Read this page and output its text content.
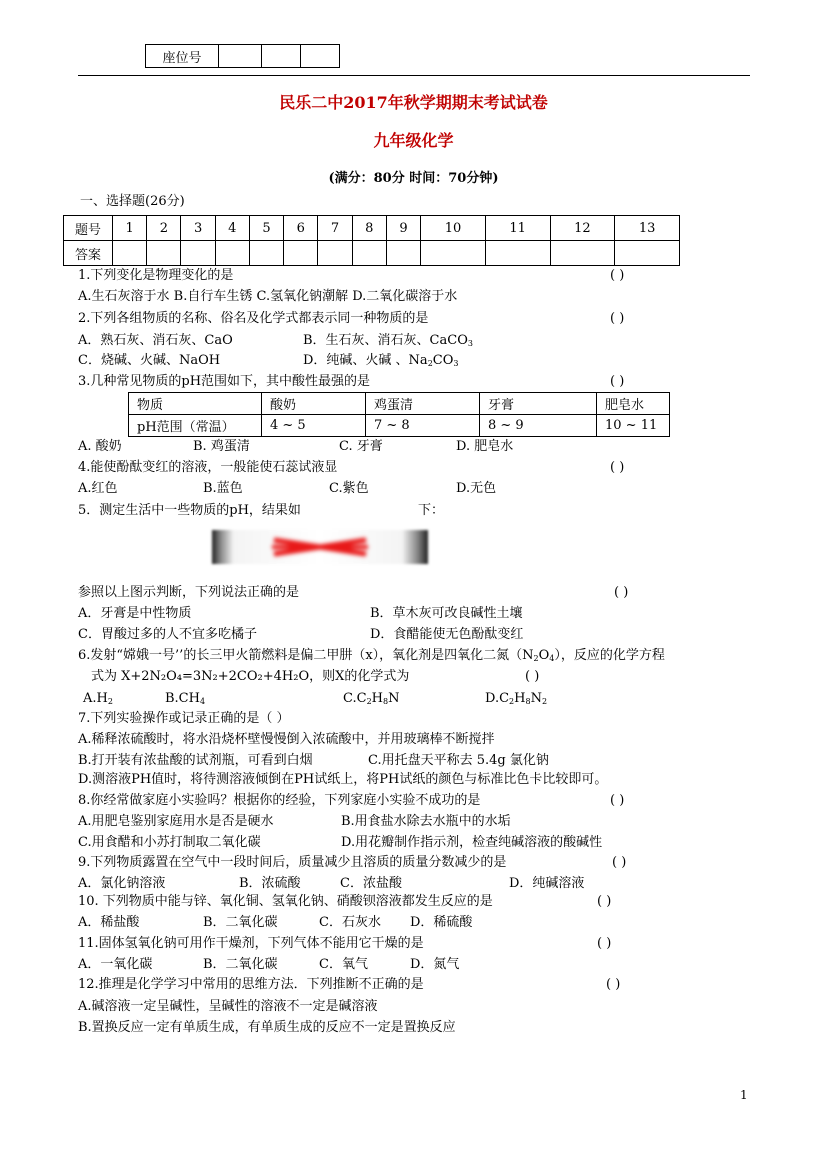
座位号			
民乐二中2017年秋学期期末考试试卷
九年级化学
(满分：80分 时间：70分钟)
一、选择题(26分)
题号	1	2	3	4	5	6	7	8	9	10	11	12	13
答案													
1.下列变化是物理变化的是	( )
A.生石灰溶于水 B.自行车生锈 C.氢氧化钠潮解 D.二氧化碳溶于水
2.下列各组物质的名称、俗名及化学式都表示同一种物质的是	( )
A．熟石灰、消石灰、CaO	B．生石灰、消石灰、CaCO$_3$
C．烧碱、火碱、NaOH	D．纯碱、火碱 、$Na_2CO_3$
3.几种常见物质的pH范围如下，其中酸性最强的是	( )
物质	酸奶	鸡蛋清	牙膏	肥皂水
pH范围（常温）	4 ~ 5	7 ~ 8	8 ~ 9	10 ~ 11
A. 酸奶	B. 鸡蛋清	C. 牙膏	D. 肥皂水
4.能使酚酞变红的溶液，一般能使石蕊试液显	( )
A.红色	B.蓝色	C.紫色	D.无色
5．测定生活中一些物质的pH，结果如	下：
参照以上图示判断，下列说法正确的是	( )
A．牙膏是中性物质	B．草木灰可改良碱性土壤
C．胃酸过多的人不宜多吃橘子	D．食醋能使无色酚酞变红
6.发射“嫦娥一号’’的长三甲火箭燃料是偏二甲肼（x），氧化剂是四氧化二氮$(N_2O_4)$，反应的化学方程
式为 X+2N₂O₄=3N₂+2CO₂+4H₂O，则X的化学式为	( )
$A.H_2$	$B.CH_4$	$C.C_2H_8N$	$D.C_2H_8N_2$
7.下列实验操作或记录正确的是（ ）
A.稀释浓硫酸时，将水沿烧杯壁慢慢倒入浓硫酸中，并用玻璃棒不断搅拌
B.打开装有浓盐酸的试剂瓶，可看到白烟	C.用托盘天平称去 5.4g 氯化钠
D.测溶液PH值时，将待测溶液倾倒在PH试纸上，将PH试纸的颜色与标准比色卡比较即可。
8.你经常做家庭小实验吗？根据你的经验，下列家庭小实验不成功的是	( )
A.用肥皂鉴别家庭用水是否是硬水	B.用食盐水除去水瓶中的水垢
C.用食醋和小苏打制取二氧化碳	D.用花瓣制作指示剂，检查纯碱溶液的酸碱性
9.下列物质露置在空气中一段时间后，质量减少且溶质的质量分数减少的是	( )
A．氯化钠溶液	B．浓硫酸	C．浓盐酸	D．纯碱溶液
10. 下列物质中能与锌、氧化铜、氢氧化钠、硝酸钡溶液都发生反应的是	( )
A．稀盐酸	B．二氧化碳	C．石灰水 D．稀硫酸
11.固体氢氧化钠可用作干燥剂，下列气体不能用它干燥的是	( )
A．一氧化碳	B．二氧化碳	C．氧气	D．氮气
12.推理是化学学习中常用的思维方法．下列推断不正确的是	( )
A.碱溶液一定呈碱性，呈碱性的溶液不一定是碱溶液
B.置换反应一定有单质生成，有单质生成的反应不一定是置换反应
1
